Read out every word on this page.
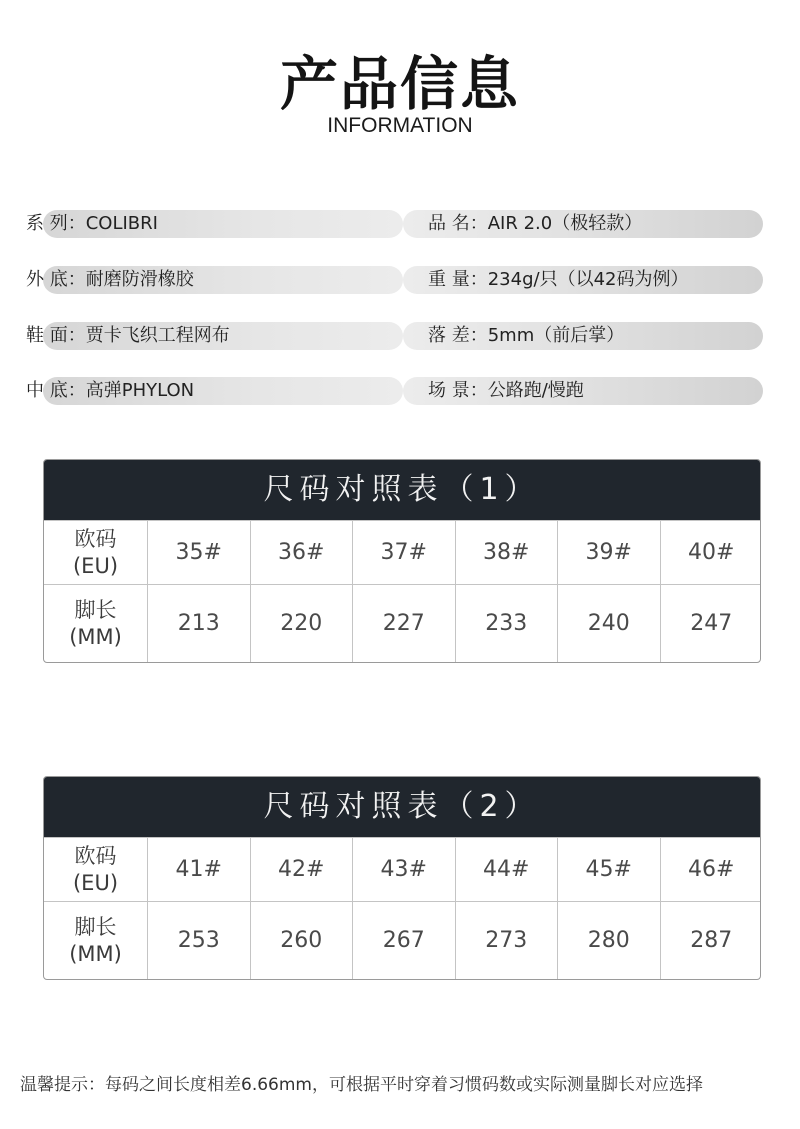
产品信息
INFORMATION
系 列：COLIBRI	品 名：AIR 2.0（极轻款）
外 底：耐磨防滑橡胶	重 量：234g/只（以42码为例）
鞋 面：贾卡飞织工程网布	落 差：5mm（前后掌）
中 底：高弹PHYLON	场 景：公路跑/慢跑
尺码对照表（1）
欧码
(EU)
35#	36#	37#	38#	39#	40#
脚长
(MM)
213	220	227	233	240	247
尺码对照表（2）
欧码
(EU)
41#	42#	43#	44#	45#	46#
脚长
(MM)
253	260	267	273	280	287
温馨提示：每码之间长度相差6.66mm，可根据平时穿着习惯码数或实际测量脚长对应选择
